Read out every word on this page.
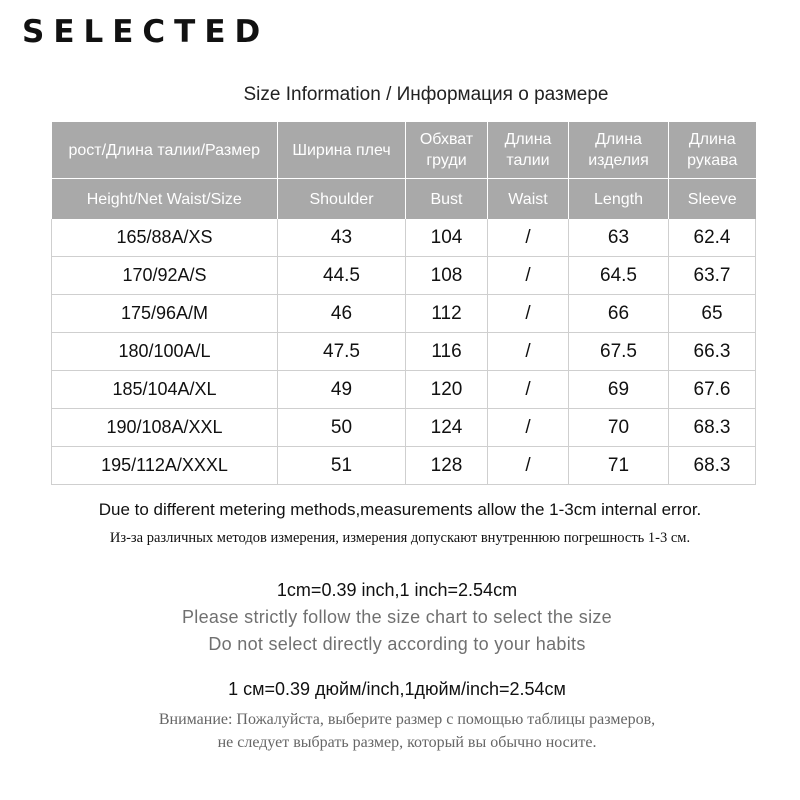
SELECTED
Size Information / Информация о размере
рост/Длина талии/Размер	Ширина плеч	Обхват груди	Длина талии	Длина изделия	Длина рукава
Height/Net Waist/Size	Shoulder	Bust	Waist	Length	Sleeve
165/88A/XS	43	104	/	63	62.4
170/92A/S	44.5	108	/	64.5	63.7
175/96A/M	46	112	/	66	65
180/100A/L	47.5	116	/	67.5	66.3
185/104A/XL	49	120	/	69	67.6
190/108A/XXL	50	124	/	70	68.3
195/112A/XXXL	51	128	/	71	68.3
Due to different metering methods,measurements allow the 1-3cm internal error.
Из-за различных методов измерения, измерения допускают внутреннюю погрешность 1-3 см.
1cm=0.39 inch,1 inch=2.54cm
Please strictly follow the size chart to select the size
Do not select directly according to your habits
1 см=0.39 дюйм/inch,1дюйм/inch=2.54см
Внимание: Пожалуйста, выберите размер с помощью таблицы размеров,
не следует выбрать размер, который вы обычно носите.
